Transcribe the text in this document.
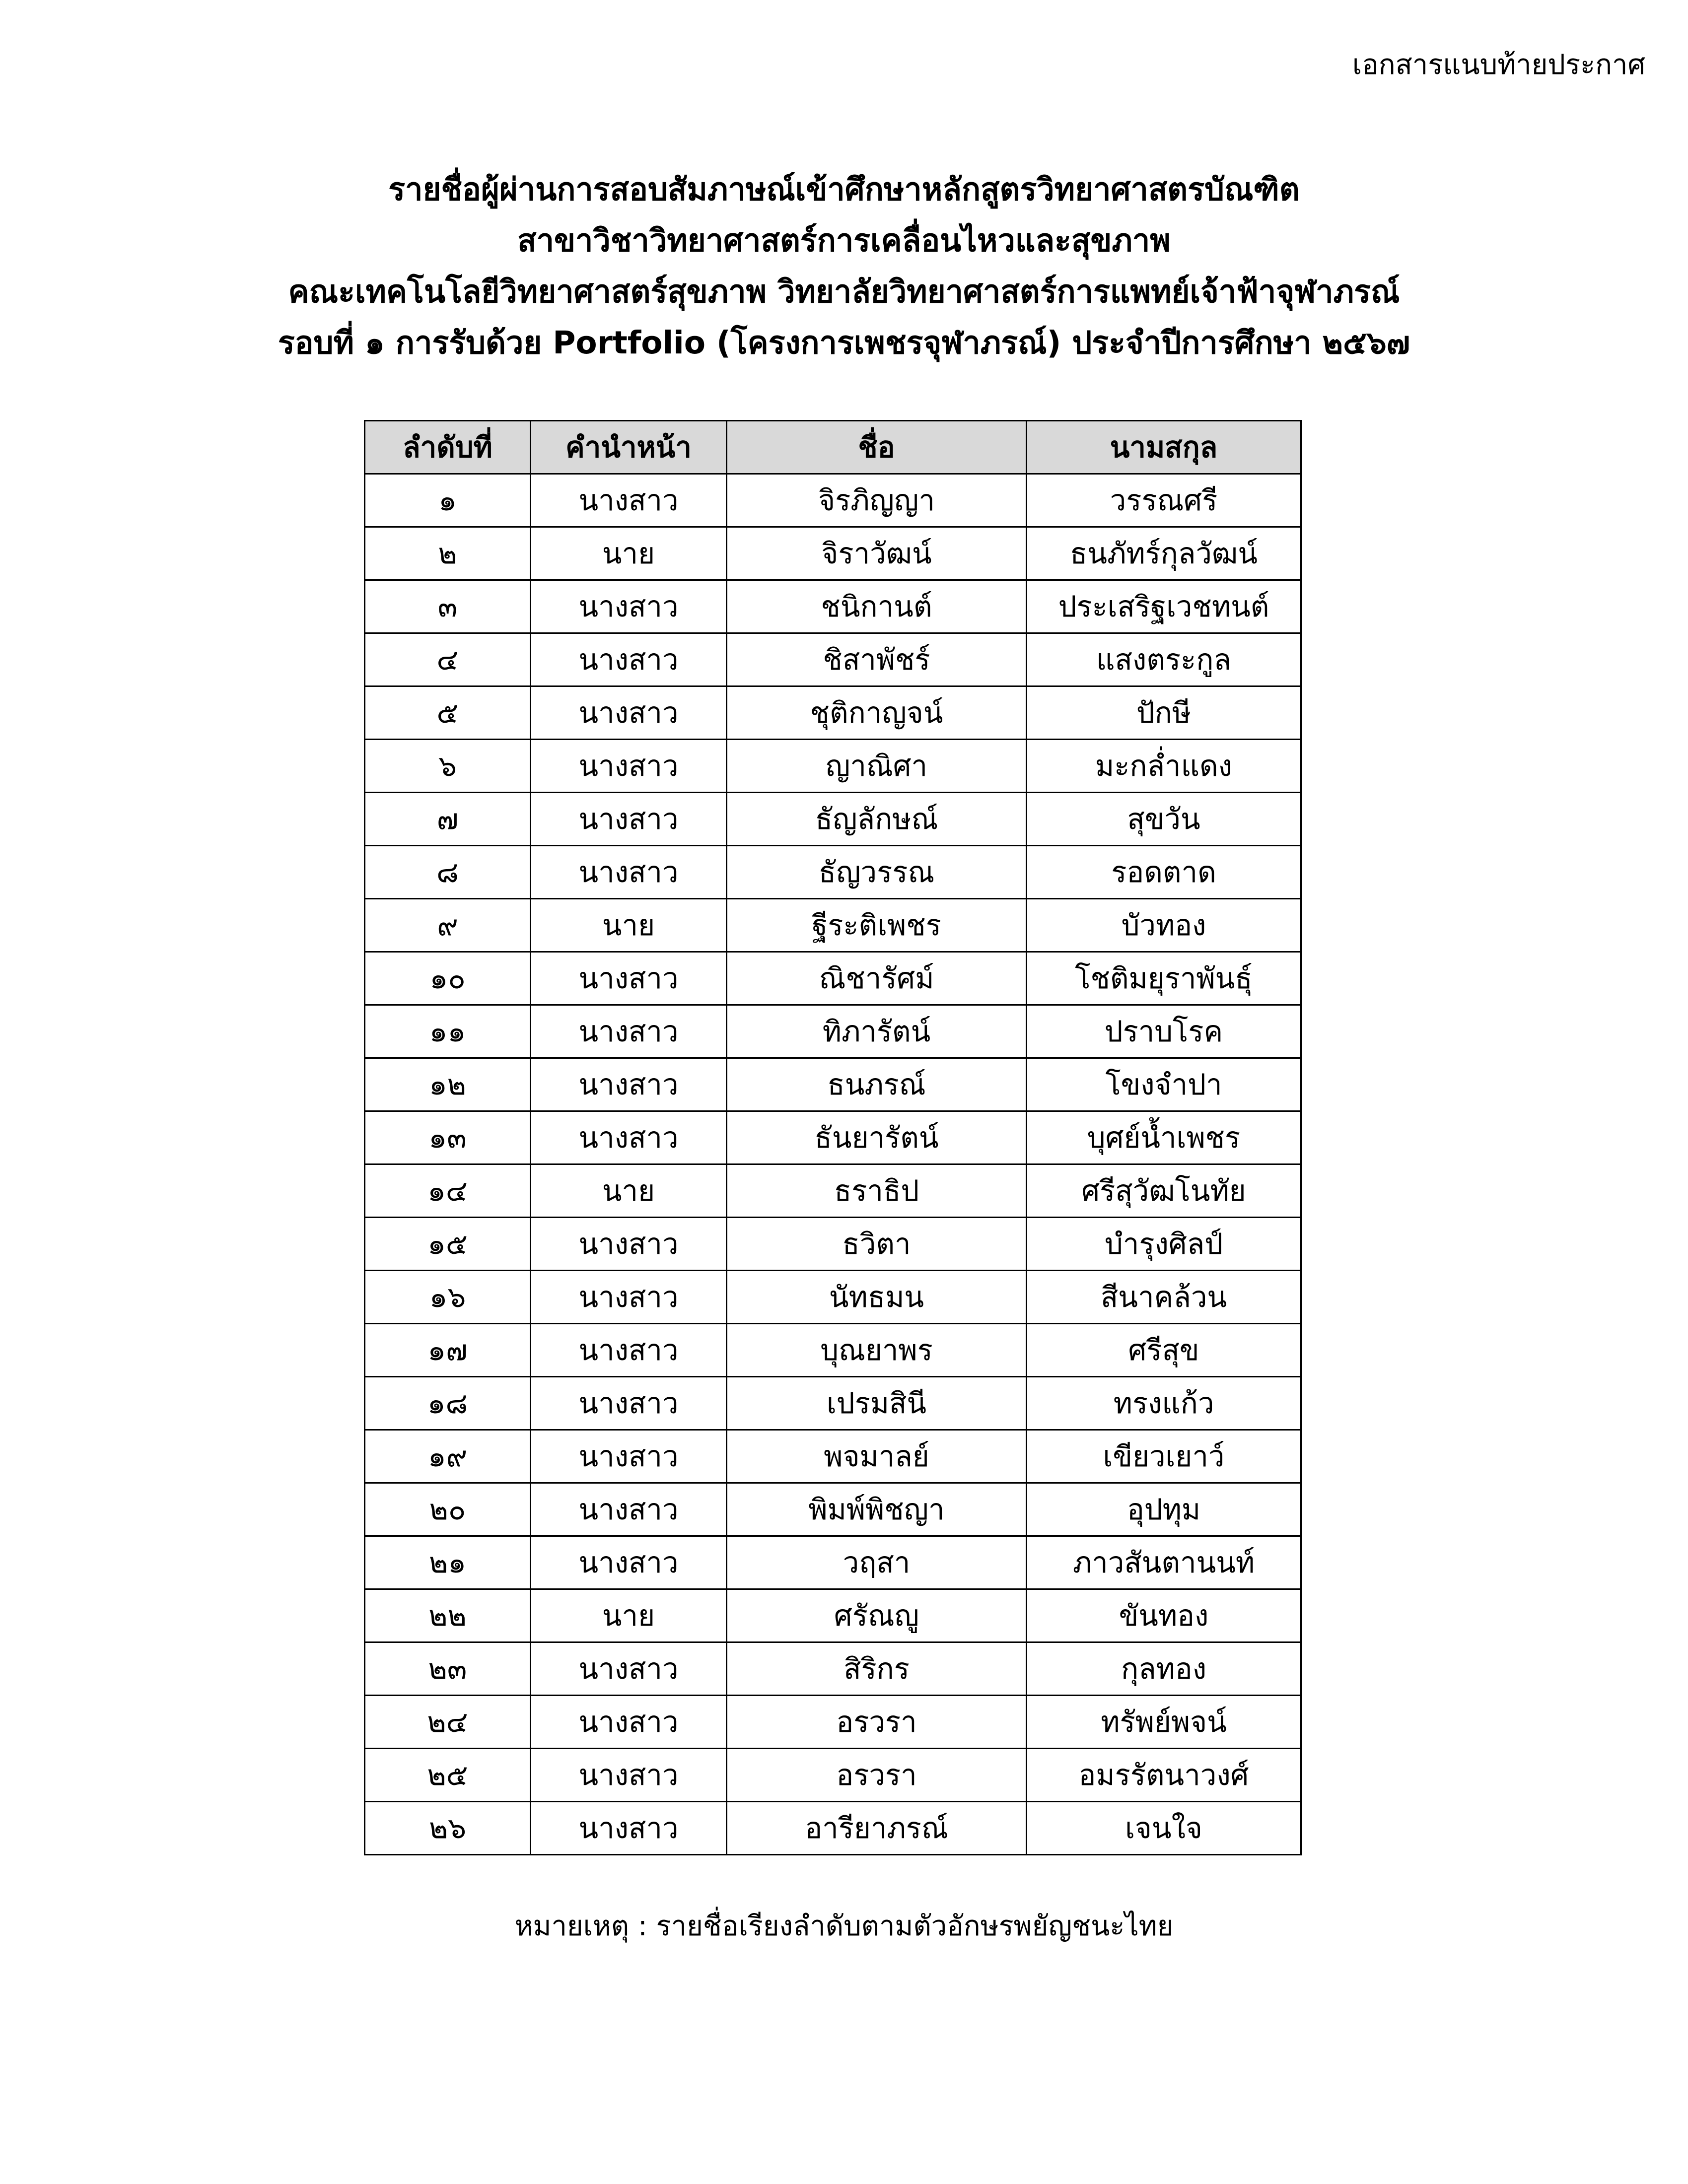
เอกสารแนบท้ายประกาศ
รายชื่อผู้ผ่านการสอบสัมภาษณ์เข้าศึกษาหลักสูตรวิทยาศาสตรบัณฑิต
สาขาวิชาวิทยาศาสตร์การเคลื่อนไหวและสุขภาพ
คณะเทคโนโลยีวิทยาศาสตร์สุขภาพ วิทยาลัยวิทยาศาสตร์การแพทย์เจ้าฟ้าจุฬาภรณ์
รอบที่ ๑ การรับด้วย Portfolio (โครงการเพชรจุฬาภรณ์) ประจำปีการศึกษา ๒๕๖๗
ลำดับที่	คำนำหน้า	ชื่อ	นามสกุล
๑	นางสาว	จิรภิญญา	วรรณศรี
๒	นาย	จิราวัฒน์	ธนภัทร์กุลวัฒน์
๓	นางสาว	ชนิกานต์	ประเสริฐเวชทนต์
๔	นางสาว	ชิสาพัชร์	แสงตระกูล
๕	นางสาว	ชุติกาญจน์	ปักษี
๖	นางสาว	ญาณิศา	มะกล่ำแดง
๗	นางสาว	ธัญลักษณ์	สุขวัน
๘	นางสาว	ธัญวรรณ	รอดตาด
๙	นาย	ฐีระติเพชร	บัวทอง
๑๐	นางสาว	ณิชารัศม์	โชติมยุราพันธุ์
๑๑	นางสาว	ทิภารัตน์	ปราบโรค
๑๒	นางสาว	ธนภรณ์	โขงจำปา
๑๓	นางสาว	ธันยารัตน์	บุศย์น้ำเพชร
๑๔	นาย	ธราธิป	ศรีสุวัฒโนทัย
๑๕	นางสาว	ธวิตา	บำรุงศิลป์
๑๖	นางสาว	นัทธมน	สีนาคล้วน
๑๗	นางสาว	บุณยาพร	ศรีสุข
๑๘	นางสาว	เปรมสินี	ทรงแก้ว
๑๙	นางสาว	พจมาลย์	เขียวเยาว์
๒๐	นางสาว	พิมพ์พิชญา	อุปทุม
๒๑	นางสาว	วฤสา	ภาวสันตานนท์
๒๒	นาย	ศรัณญู	ขันทอง
๒๓	นางสาว	สิริกร	กุลทอง
๒๔	นางสาว	อรวรา	ทรัพย์พจน์
๒๕	นางสาว	อรวรา	อมรรัตนาวงศ์
๒๖	นางสาว	อารียาภรณ์	เจนใจ
หมายเหตุ : รายชื่อเรียงลำดับตามตัวอักษรพยัญชนะไทย
